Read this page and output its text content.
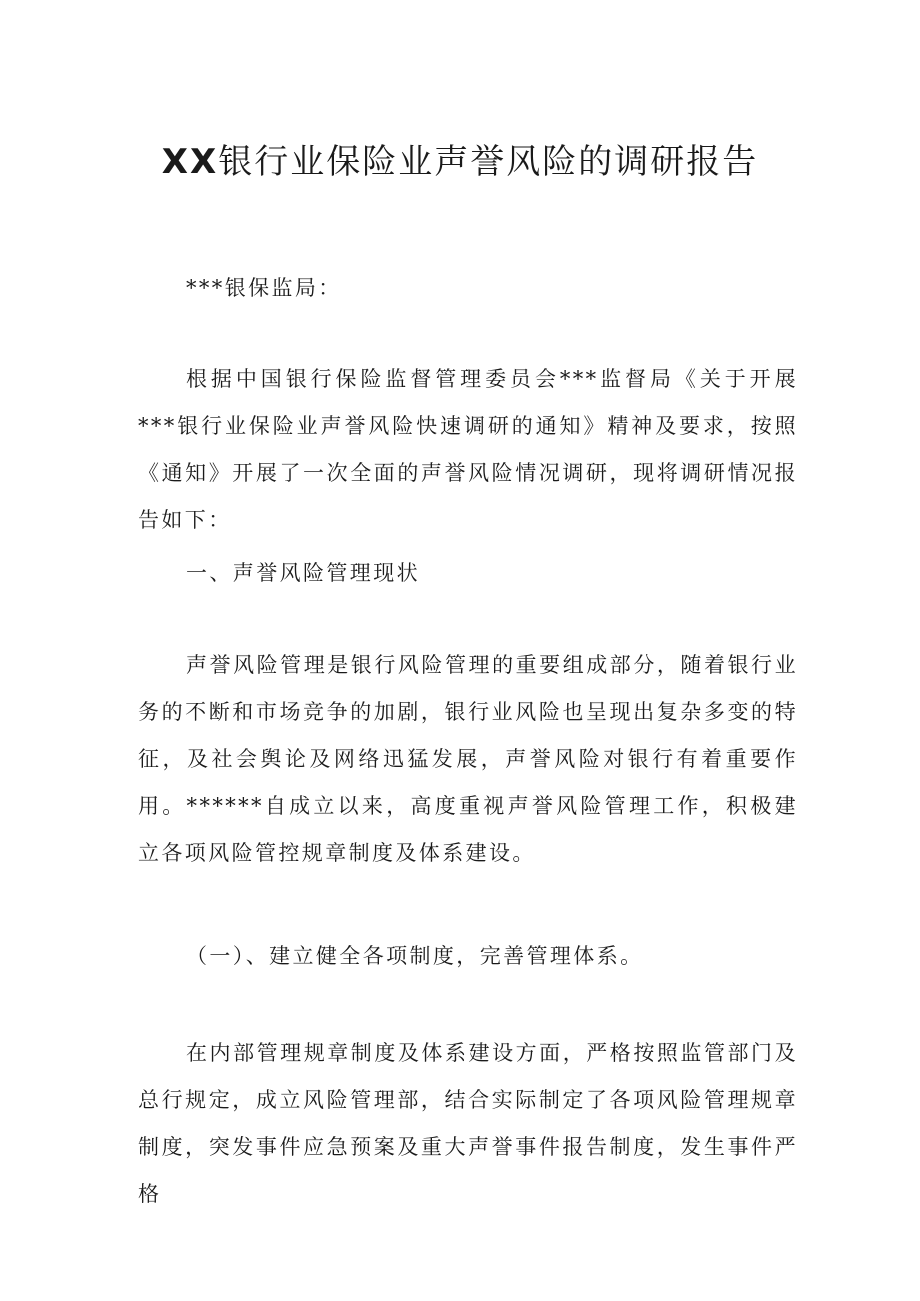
XX银行业保险业声誉风险的调研报告

***银保监局：

根据中国银行保险监督管理委员会***监督局《关于开展***银行业保险业声誉风险快速调研的通知》精神及要求，按照《通知》开展了一次全面的声誉风险情况调研，现将调研情况报告如下：

一、声誉风险管理现状

声誉风险管理是银行风险管理的重要组成部分，随着银行业务的不断和市场竞争的加剧，银行业风险也呈现出复杂多变的特征，及社会舆论及网络迅猛发展，声誉风险对银行有着重要作用。******自成立以来，高度重视声誉风险管理工作，积极建立各项风险管控规章制度及体系建设。

（一）、建立健全各项制度，完善管理体系。

在内部管理规章制度及体系建设方面，严格按照监管部门及总行规定，成立风险管理部，结合实际制定了各项风险管理规章制度，突发事件应急预案及重大声誉事件报告制度，发生事件严格
